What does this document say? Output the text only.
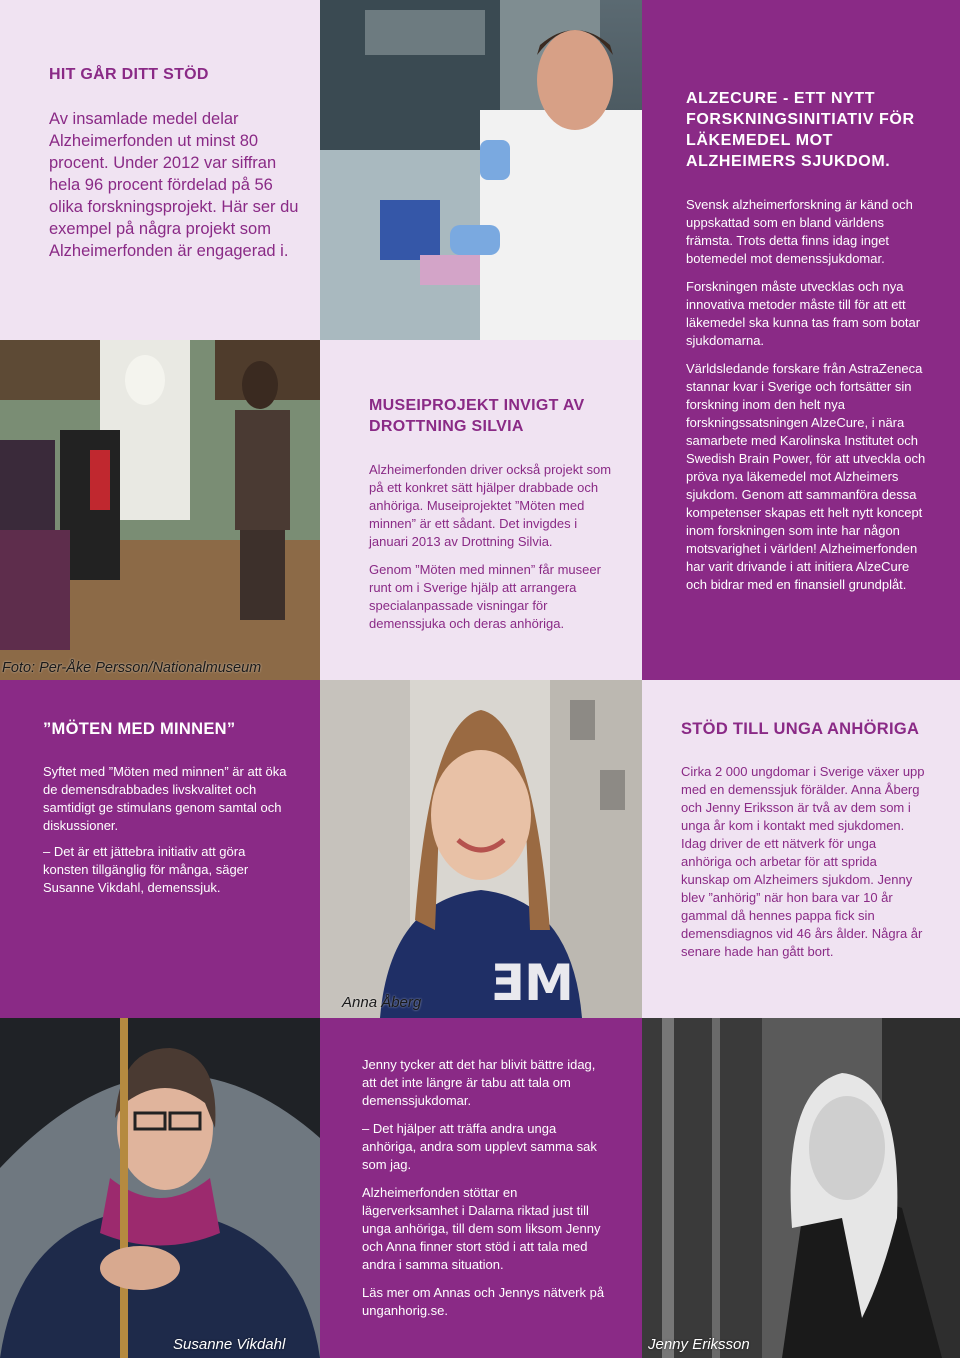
HIT GÅR DITT STÖD

Av insamlade medel delar Alzheimerfonden ut minst 80 procent. Under 2012 var siffran hela 96 procent fördelad på 56 olika forskningsprojekt. Här ser du exempel på några projekt som Alzheimerfonden är engagerad i.

ALZECURE - ETT NYTT FORSKNINGSINITIATIV FÖR LÄKEMEDEL MOT ALZHEIMERS SJUKDOM.

Svensk alzheimerforskning är känd och uppskattad som en bland världens främsta. Trots detta finns idag inget botemedel mot demenssjukdomar.

Forskningen måste utvecklas och nya innovativa metoder måste till för att ett läkemedel ska kunna tas fram som botar sjukdomarna.

Världsledande forskare från AstraZeneca stannar kvar i Sverige och fortsätter sin forskning inom den helt nya forskningssatsningen AlzeCure, i nära samarbete med Karolinska Institutet och Swedish Brain Power, för att utveckla och pröva nya läkemedel mot Alzheimers sjukdom. Genom att sammanföra dessa kompetenser skapas ett helt nytt koncept inom forskningen som inte har någon motsvarighet i världen! Alzheimerfonden har varit drivande i att initiera AlzeCure och bidrar med en finansiell grundplåt.

Foto: Per-Åke Persson/Nationalmuseum
MUSEIPROJEKT INVIGT AV DROTTNING SILVIA

Alzheimerfonden driver också projekt som på ett konkret sätt hjälper drabbade och anhöriga. Museiprojektet ”Möten med minnen” är ett sådant. Det invigdes i januari 2013 av Drottning Silvia.

Genom ”Möten med minnen” får museer runt om i Sverige hjälp att arrangera specialanpassade visningar för demenssjuka och deras anhöriga.

”MÖTEN MED MINNEN”

Syftet med ”Möten med minnen” är att öka de demensdrabbades livskvalitet och samtidigt ge stimulans genom samtal och diskussioner.

– Det är ett jättebra initiativ att göra konsten tillgänglig för många, säger Susanne Vikdahl, demenssjuk.

ƎM
Anna Åberg
STÖD TILL UNGA ANHÖRIGA

Cirka 2 000 ungdomar i Sverige växer upp med en demenssjuk förälder. Anna Åberg och Jenny Eriksson är två av dem som i unga år kom i kontakt med sjukdomen. Idag driver de ett nätverk för unga anhöriga och arbetar för att sprida kunskap om Alzheimers sjukdom. Jenny blev ”anhörig” när hon bara var 10 år gammal då hennes pappa fick sin demensdiagnos vid 46 års ålder. Några år senare hade han gått bort.

Susanne Vikdahl

Jenny tycker att det har blivit bättre idag, att det inte längre är tabu att tala om demenssjukdomar.

– Det hjälper att träffa andra unga anhöriga, andra som upplevt samma sak som jag.

Alzheimerfonden stöttar en lägerverksamhet i Dalarna riktad just till unga anhöriga, till dem som liksom Jenny och Anna finner stort stöd i att tala med andra i samma situation.

Läs mer om Annas och Jennys nätverk på unganhorig.se.

Jenny Eriksson
